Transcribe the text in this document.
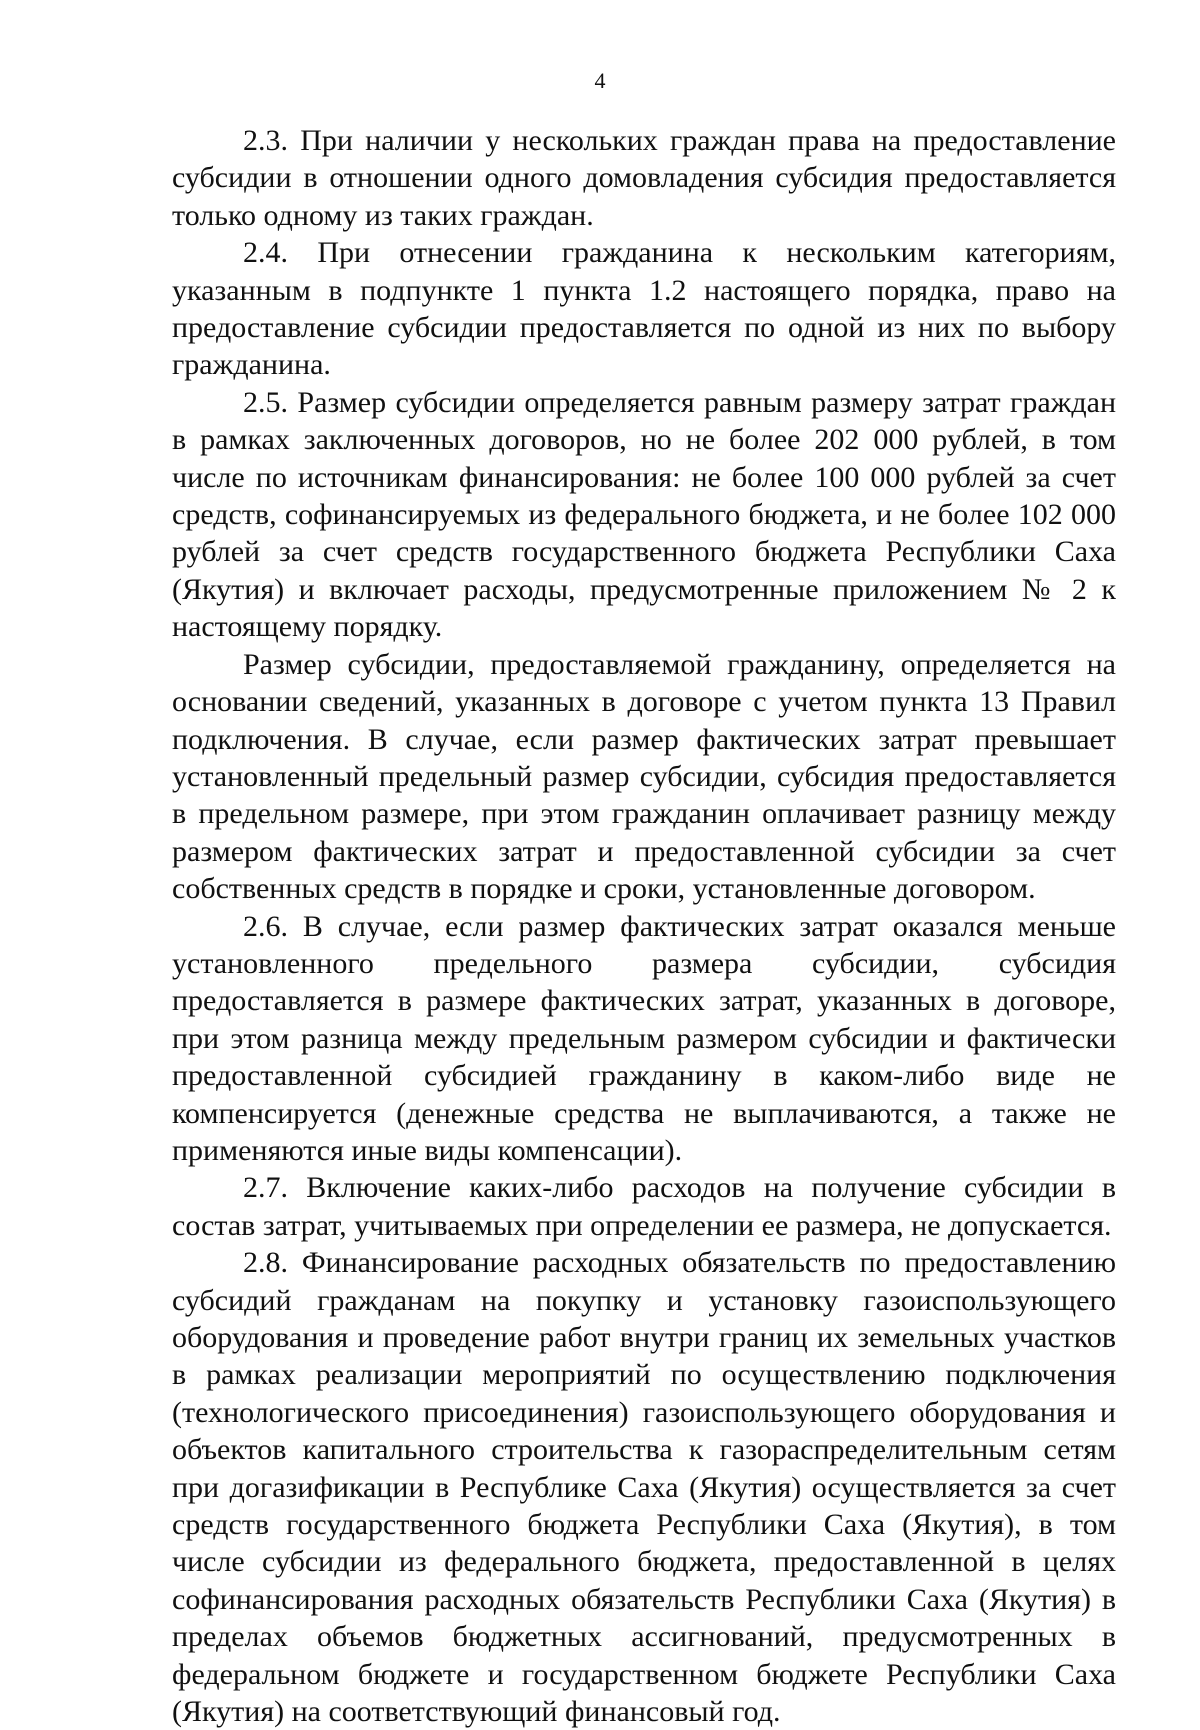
4

2.3. При наличии у нескольких граждан права на предоставление субсидии в отношении одного домовладения субсидия предоставляется только одному из таких граждан.

2.4. При отнесении гражданина к нескольким категориям, указанным в подпункте 1 пункта 1.2 настоящего порядка, право на предоставление субсидии предоставляется по одной из них по выбору гражданина.

2.5. Размер субсидии определяется равным размеру затрат граждан в рамках заключенных договоров, но не более 202 000 рублей, в том числе по источникам финансирования: не более 100 000 рублей за счет средств, софинансируемых из федерального бюджета, и не более 102 000 рублей за счет средств государственного бюджета Республики Саха (Якутия) и включает расходы, предусмотренные приложением № 2 к настоящему порядку.

Размер субсидии, предоставляемой гражданину, определяется на основании сведений, указанных в договоре с учетом пункта 13 Правил подключения. В случае, если размер фактических затрат превышает установленный предельный размер субсидии, субсидия предоставляется в предельном размере, при этом гражданин оплачивает разницу между размером фактических затрат и предоставленной субсидии за счет собственных средств в порядке и сроки, установленные договором.

2.6. В случае, если размер фактических затрат оказался меньше установленного предельного размера субсидии, субсидия предоставляется в размере фактических затрат, указанных в договоре, при этом разница между предельным размером субсидии и фактически предоставленной субсидией гражданину в каком-либо виде не компенсируется (денежные средства не выплачиваются, а также не применяются иные виды компенсации).

2.7. Включение каких-либо расходов на получение субсидии в состав затрат, учитываемых при определении ее размера, не допускается.

2.8. Финансирование расходных обязательств по предоставлению субсидий гражданам на покупку и установку газоиспользующего оборудования и проведение работ внутри границ их земельных участков в рамках реализации мероприятий по осуществлению подключения (технологического присоединения) газоиспользующего оборудования и объектов капитального строительства к газораспределительным сетям при догазификации в Республике Саха (Якутия) осуществляется за счет средств государственного бюджета Республики Саха (Якутия), в том числе субсидии из федерального бюджета, предоставленной в целях софинансирования расходных обязательств Республики Саха (Якутия) в пределах объемов бюджетных ассигнований, предусмотренных в федеральном бюджете и государственном бюджете Республики Саха (Якутия) на соответствующий финансовый год.
